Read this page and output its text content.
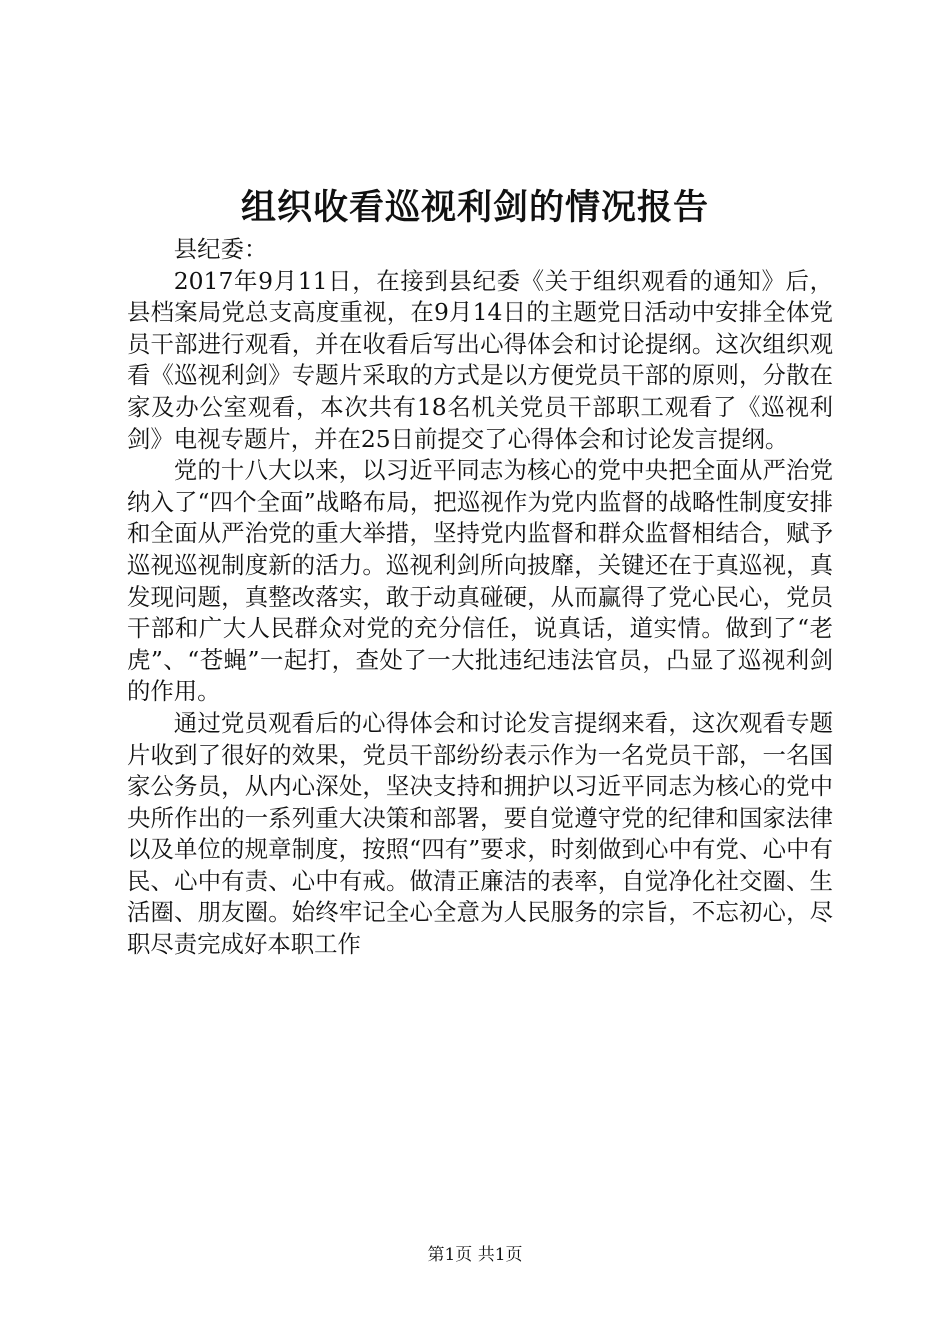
组织收看巡视利剑的情况报告

县纪委：

2017年9月11日，在接到县纪委《关于组织观看的通知》后，县档案局党总支高度重视，在9月14日的主题党日活动中安排全体党员干部进行观看，并在收看后写出心得体会和讨论提纲。这次组织观看《巡视利剑》专题片采取的方式是以方便党员干部的原则，分散在家及办公室观看，本次共有18名机关党员干部职工观看了《巡视利剑》电视专题片，并在25日前提交了心得体会和讨论发言提纲。

党的十八大以来，以习近平同志为核心的党中央把全面从严治党纳入了“四个全面”战略布局，把巡视作为党内监督的战略性制度安排和全面从严治党的重大举措，坚持党内监督和群众监督相结合，赋予巡视巡视制度新的活力。巡视利剑所向披靡，关键还在于真巡视，真发现问题，真整改落实，敢于动真碰硬，从而赢得了党心民心，党员干部和广大人民群众对党的充分信任，说真话，道实情。做到了“老虎”、“苍蝇”一起打，查处了一大批违纪违法官员，凸显了巡视利剑的作用。

通过党员观看后的心得体会和讨论发言提纲来看，这次观看专题片收到了很好的效果，党员干部纷纷表示作为一名党员干部，一名国家公务员，从内心深处，坚决支持和拥护以习近平同志为核心的党中央所作出的一系列重大决策和部署，要自觉遵守党的纪律和国家法律以及单位的规章制度，按照“四有”要求，时刻做到心中有党、心中有民、心中有责、心中有戒。做清正廉洁的表率，自觉净化社交圈、生活圈、朋友圈。始终牢记全心全意为人民服务的宗旨，不忘初心，尽职尽责完成好本职工作

第1页 共1页
